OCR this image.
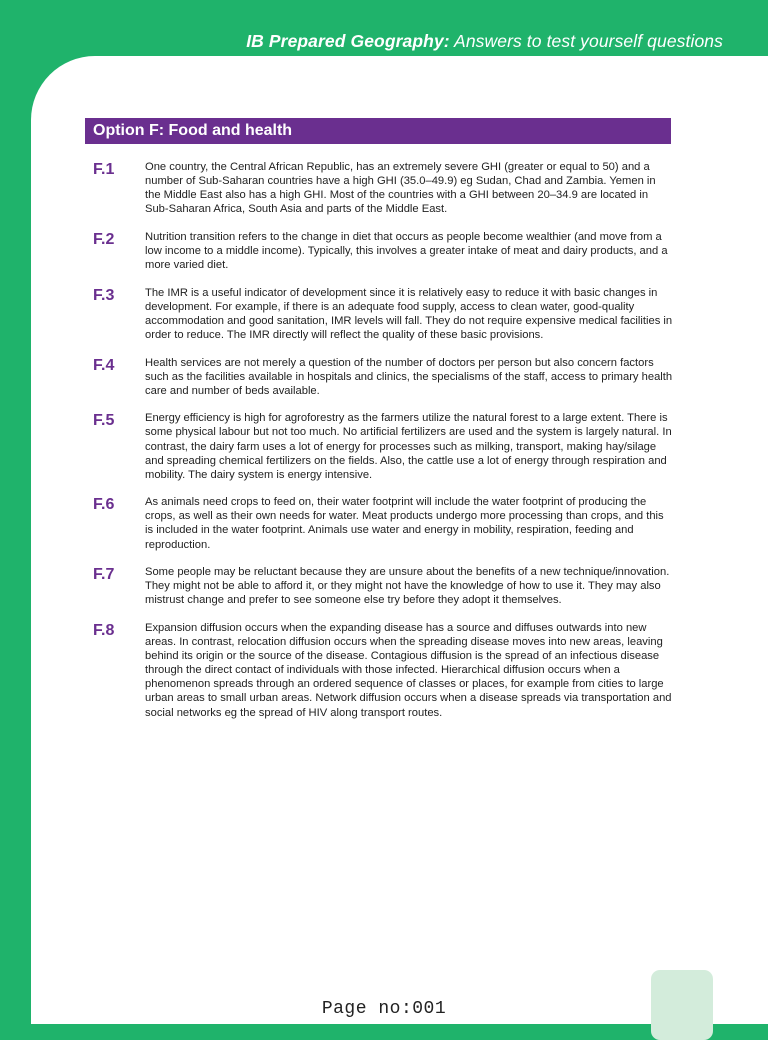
IB Prepared Geography: Answers to test yourself questions
Option F: Food and health
F.1	One country, the Central African Republic, has an extremely severe GHI (greater or equal to 50) and a number of Sub-Saharan countries have a high GHI (35.0–49.9) eg Sudan, Chad and Zambia. Yemen in the Middle East also has a high GHI. Most of the countries with a GHI between 20–34.9 are located in Sub-Saharan Africa, South Asia and parts of the Middle East.
F.2	Nutrition transition refers to the change in diet that occurs as people become wealthier (and move from a low income to a middle income). Typically, this involves a greater intake of meat and dairy products, and a more varied diet.
F.3	The IMR is a useful indicator of development since it is relatively easy to reduce it with basic changes in development. For example, if there is an adequate food supply, access to clean water, good-quality accommodation and good sanitation, IMR levels will fall. They do not require expensive medical facilities in order to reduce. The IMR directly will reflect the quality of these basic provisions.
F.4	Health services are not merely a question of the number of doctors per person but also concern factors such as the facilities available in hospitals and clinics, the specialisms of the staff, access to primary health care and number of beds available.
F.5	Energy efficiency is high for agroforestry as the farmers utilize the natural forest to a large extent. There is some physical labour but not too much. No artificial fertilizers are used and the system is largely natural. In contrast, the dairy farm uses a lot of energy for processes such as milking, transport, making hay/silage and spreading chemical fertilizers on the fields. Also, the cattle use a lot of energy through respiration and mobility. The dairy system is energy intensive.
F.6	As animals need crops to feed on, their water footprint will include the water footprint of producing the crops, as well as their own needs for water. Meat products undergo more processing than crops, and this is included in the water footprint. Animals use water and energy in mobility, respiration, feeding and reproduction.
F.7	Some people may be reluctant because they are unsure about the benefits of a new technique/innovation. They might not be able to afford it, or they might not have the knowledge of how to use it. They may also mistrust change and prefer to see someone else try before they adopt it themselves.
F.8	Expansion diffusion occurs when the expanding disease has a source and diffuses outwards into new areas. In contrast, relocation diffusion occurs when the spreading disease moves into new areas, leaving behind its origin or the source of the disease. Contagious diffusion is the spread of an infectious disease through the direct contact of individuals with those infected. Hierarchical diffusion occurs when a phenomenon spreads through an ordered sequence of classes or places, for example from cities to large urban areas to small urban areas. Network diffusion occurs when a disease spreads via transportation and social networks eg the spread of HIV along transport routes.
Page no:001
